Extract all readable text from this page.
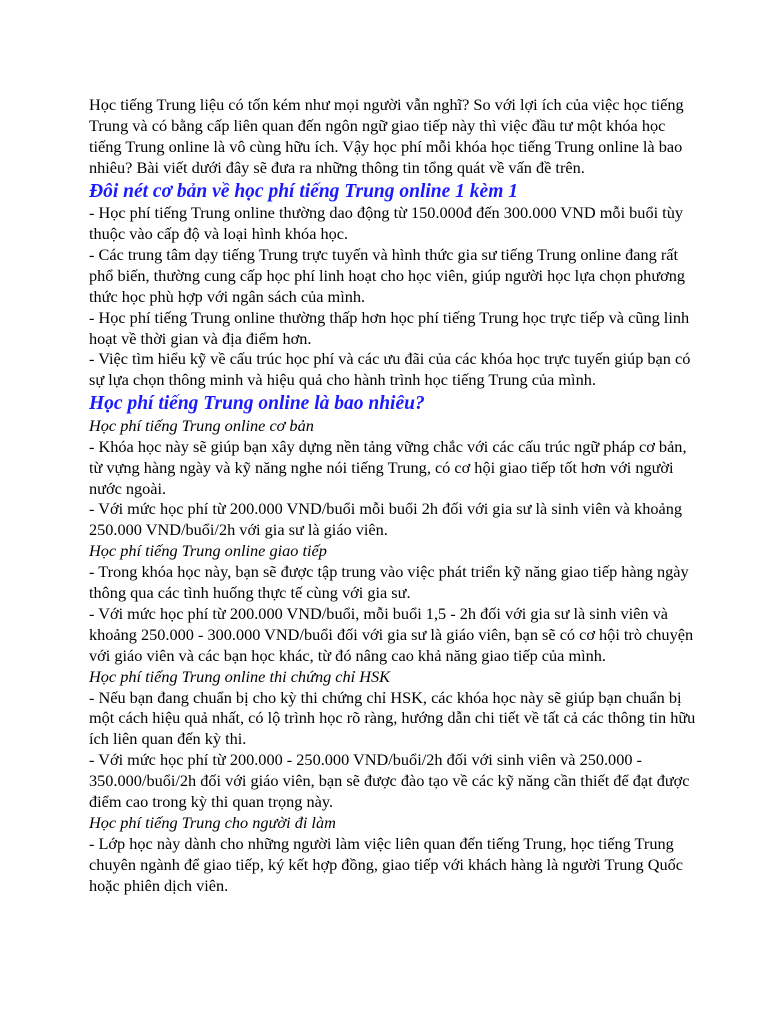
Học tiếng Trung liệu có tốn kém như mọi người vẫn nghĩ? So với lợi ích của việc học tiếng Trung và có bằng cấp liên quan đến ngôn ngữ giao tiếp này thì việc đầu tư một khóa học tiếng Trung online là vô cùng hữu ích. Vậy học phí mỗi khóa học tiếng Trung online là bao nhiêu? Bài viết dưới đây sẽ đưa ra những thông tin tổng quát về vấn đề trên.

Đôi nét cơ bản về học phí tiếng Trung online 1 kèm 1

- Học phí tiếng Trung online thường dao động từ 150.000đ đến 300.000 VND mỗi buổi tùy thuộc vào cấp độ và loại hình khóa học.

- Các trung tâm dạy tiếng Trung trực tuyến và hình thức gia sư tiếng Trung online đang rất phổ biến, thường cung cấp học phí linh hoạt cho học viên, giúp người học lựa chọn phương thức học phù hợp với ngân sách của mình.

- Học phí tiếng Trung online thường thấp hơn học phí tiếng Trung học trực tiếp và cũng linh hoạt về thời gian và địa điểm hơn.

- Việc tìm hiểu kỹ về cấu trúc học phí và các ưu đãi của các khóa học trực tuyến giúp bạn có sự lựa chọn thông minh và hiệu quả cho hành trình học tiếng Trung của mình.

Học phí tiếng Trung online là bao nhiêu?

Học phí tiếng Trung online cơ bản

- Khóa học này sẽ giúp bạn xây dựng nền tảng vững chắc với các cấu trúc ngữ pháp cơ bản, từ vựng hàng ngày và kỹ năng nghe nói tiếng Trung, có cơ hội giao tiếp tốt hơn với người nước ngoài.

- Với mức học phí từ 200.000 VND/buổi mỗi buổi 2h đối với gia sư là sinh viên và khoảng 250.000 VND/buổi/2h với gia sư là giáo viên.

Học phí tiếng Trung online giao tiếp

- Trong khóa học này, bạn sẽ được tập trung vào việc phát triển kỹ năng giao tiếp hàng ngày thông qua các tình huống thực tế cùng với gia sư.

- Với mức học phí từ 200.000 VND/buổi, mỗi buổi 1,5 - 2h đối với gia sư là sinh viên và khoảng 250.000 - 300.000 VND/buổi đối với gia sư là giáo viên, bạn sẽ có cơ hội trò chuyện với giáo viên và các bạn học khác, từ đó nâng cao khả năng giao tiếp của mình.

Học phí tiếng Trung online thi chứng chỉ HSK

- Nếu bạn đang chuẩn bị cho kỳ thi chứng chỉ HSK, các khóa học này sẽ giúp bạn chuẩn bị một cách hiệu quả nhất, có lộ trình học rõ ràng, hướng dẫn chi tiết về tất cả các thông tin hữu ích liên quan đến kỳ thi.

- Với mức học phí từ 200.000 - 250.000 VND/buổi/2h đối với sinh viên và 250.000 - 350.000/buổi/2h đối với giáo viên, bạn sẽ được đào tạo về các kỹ năng cần thiết để đạt được điểm cao trong kỳ thi quan trọng này.

Học phí tiếng Trung cho người đi làm

- Lớp học này dành cho những người làm việc liên quan đến tiếng Trung, học tiếng Trung chuyên ngành để giao tiếp, ký kết hợp đồng, giao tiếp với khách hàng là người Trung Quốc hoặc phiên dịch viên.
